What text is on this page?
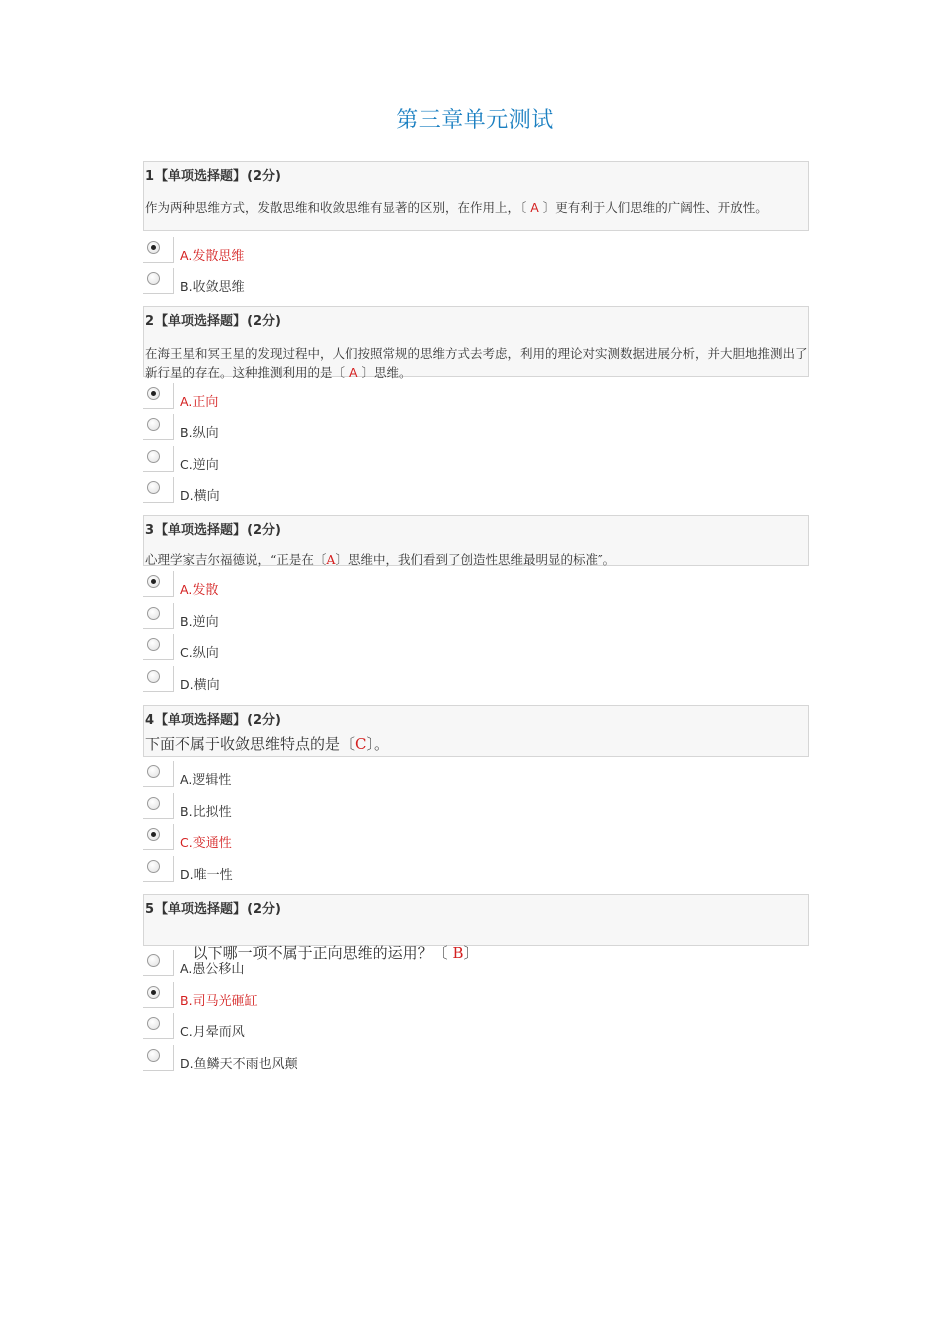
第三章单元测试
1【单项选择题】(2分)
作为两种思维方式，发散思维和收敛思维有显著的区别，在作用上，〔 A 〕更有利于人们思维的广阔性、开放性。
A.发散思维
B.收敛思维
2【单项选择题】(2分)
在海王星和冥王星的发现过程中，人们按照常规的思维方式去考虑，利用的理论对实测数据进展分析，并大胆地推测出了新行星的存在。这种推测利用的是〔 A 〕思维。
A.正向
B.纵向
C.逆向
D.横向
3【单项选择题】(2分)
心理学家吉尔福德说，“正是在〔A〕思维中，我们看到了创造性思维最明显的标准″。
A.发散
B.逆向
C.纵向
D.横向
4【单项选择题】(2分)
下面不属于收敛思维特点的是〔C〕。
A.逻辑性
B.比拟性
C.变通性
D.唯一性
5【单项选择题】(2分)

以下哪一项不属于正向思维的运用？〔 B〕

A.愚公移山
B.司马光砸缸
C.月晕而风
D.鱼鳞天不雨也风颠
